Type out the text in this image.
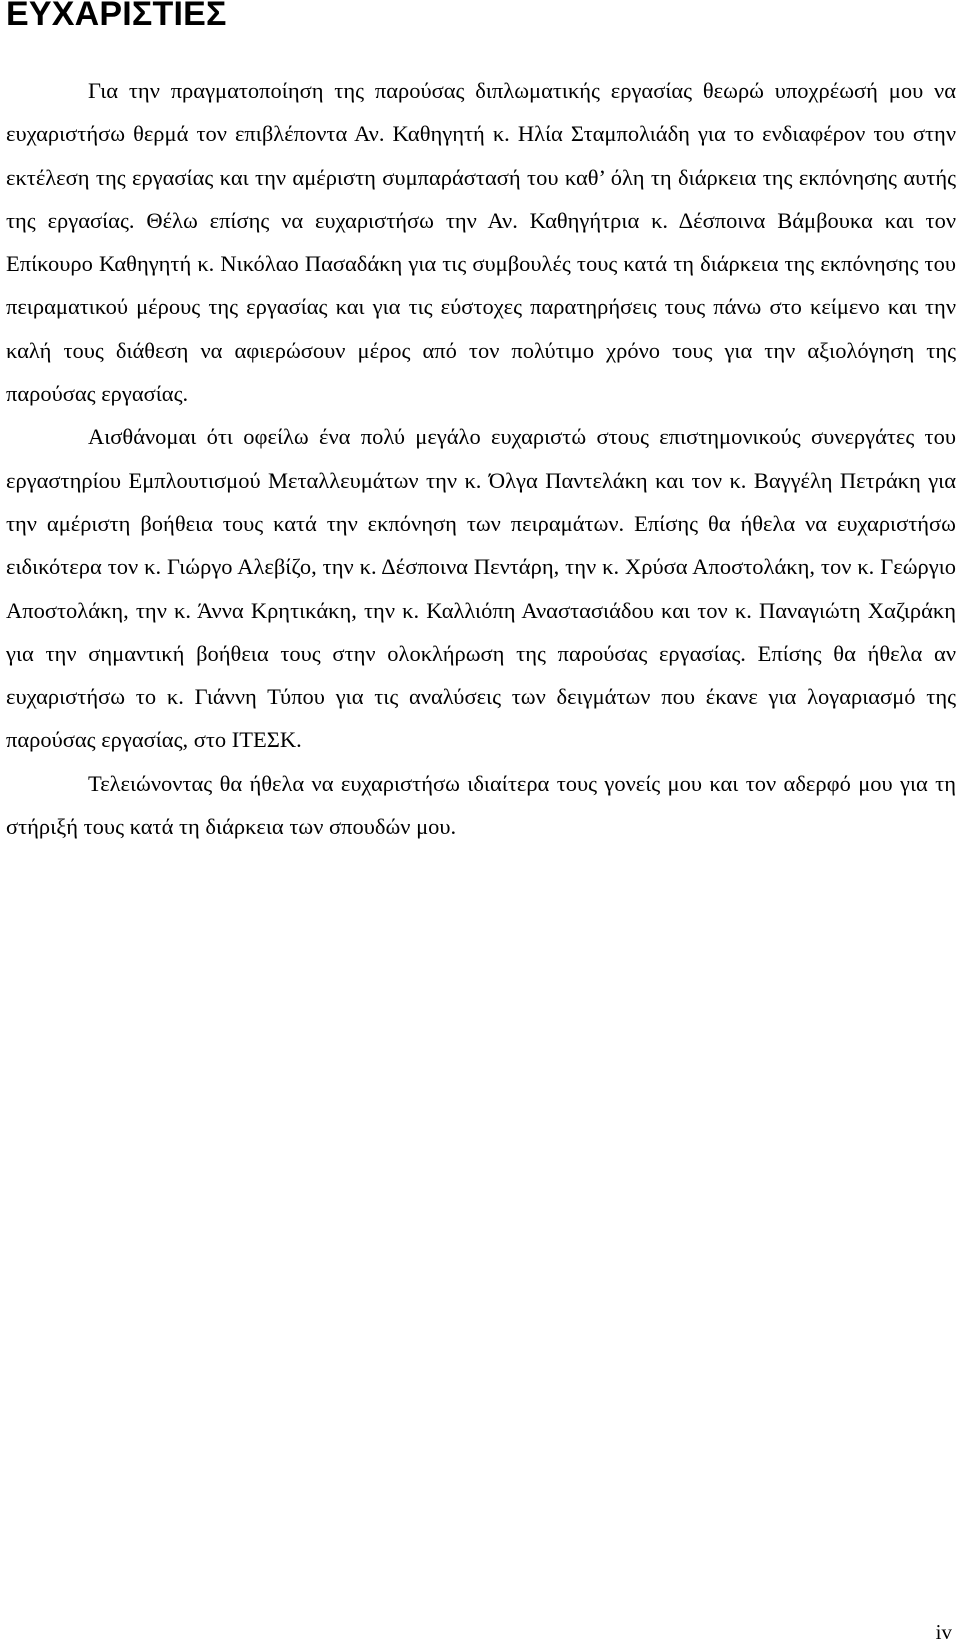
ΕΥΧΑΡΙΣΤΙΕΣ

Για την πραγματοποίηση της παρούσας διπλωματικής εργασίας θεωρώ υποχρέωσή μου να ευχαριστήσω θερμά τον επιβλέποντα Αν. Καθηγητή κ. Ηλία Σταμπολιάδη για το ενδιαφέρον του στην εκτέλεση της εργασίας και την αμέριστη συμπαράστασή του καθ’ όλη τη διάρκεια της εκπόνησης αυτής της εργασίας. Θέλω επίσης να ευχαριστήσω την Αν. Καθηγήτρια κ. Δέσποινα Βάμβουκα και τον Επίκουρο Καθηγητή κ. Νικόλαο Πασαδάκη για τις συμβουλές τους κατά τη διάρκεια της εκπόνησης του πειραματικού μέρους της εργασίας και για τις εύστοχες παρατηρήσεις τους πάνω στο κείμενο και την καλή τους διάθεση να αφιερώσουν μέρος από τον πολύτιμο χρόνο τους για την αξιολόγηση της παρούσας εργασίας.

Αισθάνομαι ότι οφείλω ένα πολύ μεγάλο ευχαριστώ στους επιστημονικούς συνεργάτες του εργαστηρίου Εμπλουτισμού Μεταλλευμάτων την κ. Όλγα Παντελάκη και τον κ. Βαγγέλη Πετράκη για την αμέριστη βοήθεια τους κατά την εκπόνηση των πειραμάτων. Επίσης θα ήθελα να ευχαριστήσω ειδικότερα τον κ. Γιώργο Αλεβίζο, την κ. Δέσποινα Πεντάρη, την κ. Χρύσα Αποστολάκη, τον κ. Γεώργιο Αποστολάκη, την κ. Άννα Κρητικάκη, την κ. Καλλιόπη Αναστασιάδου και τον κ. Παναγιώτη Χαζιράκη για την σημαντική βοήθεια τους στην ολοκλήρωση της παρούσας εργασίας. Επίσης θα ήθελα αν ευχαριστήσω το κ. Γιάννη Τύπου για τις αναλύσεις των δειγμάτων που έκανε για λογαριασμό της παρούσας εργασίας, στο ΙΤΕΣΚ.

Τελειώνοντας θα ήθελα να ευχαριστήσω ιδιαίτερα τους γονείς μου και τον αδερφό μου για τη στήριξή τους κατά τη διάρκεια των σπουδών μου.

iv
